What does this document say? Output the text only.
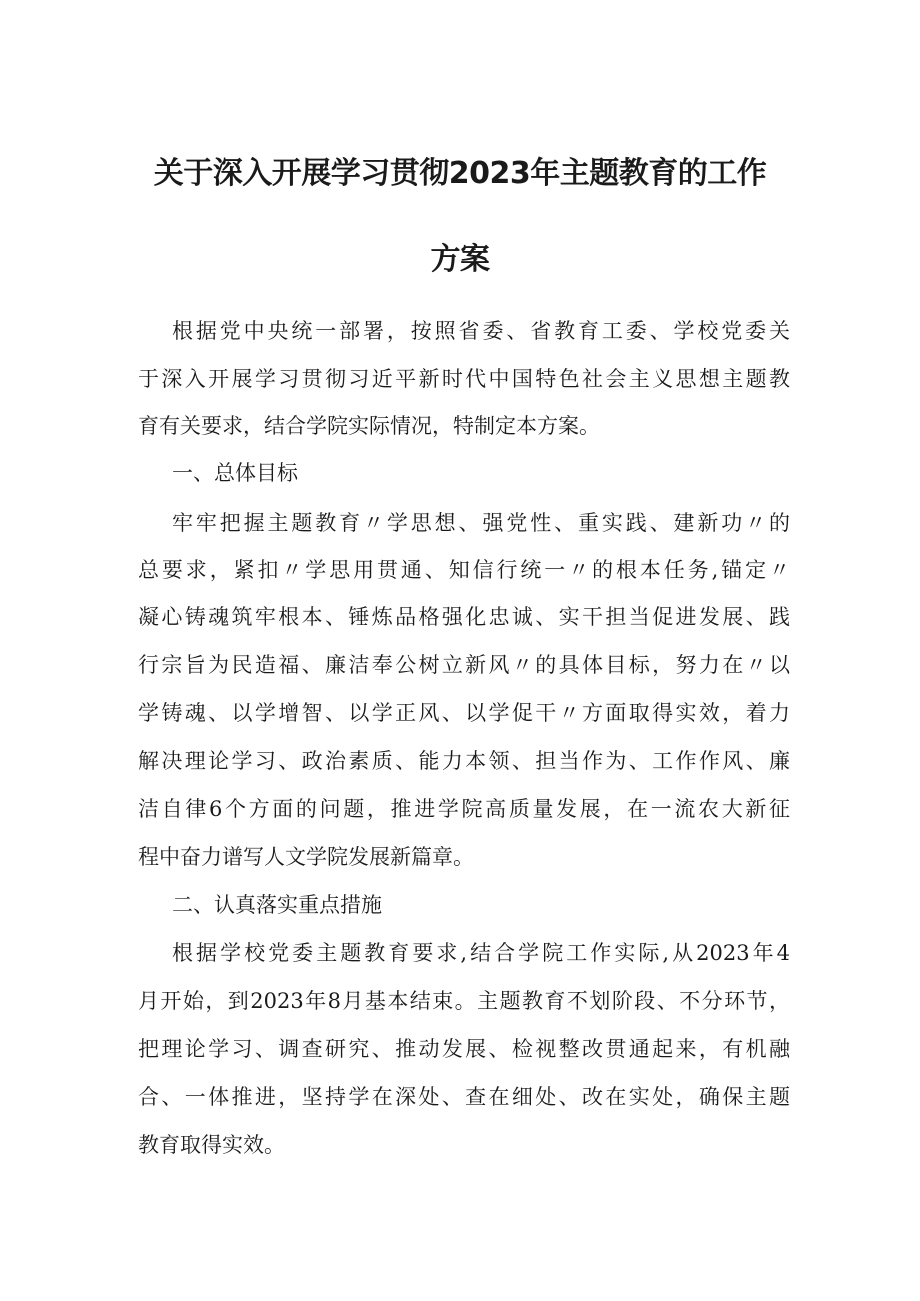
关于深入开展学习贯彻2023年主题教育的工作
方案

根据党中央统一部署，按照省委、省教育工委、学校党委关

于深入开展学习贯彻习近平新时代中国特色社会主义思想主题教

育有关要求，结合学院实际情况，特制定本方案。

一、总体目标

牢牢把握主题教育〃学思想、强党性、重实践、建新功〃的

总要求，紧扣〃学思用贯通、知信行统一〃的根本任务,锚定〃

凝心铸魂筑牢根本、锤炼品格强化忠诚、实干担当促进发展、践

行宗旨为民造福、廉洁奉公树立新风〃的具体目标，努力在〃以

学铸魂、以学增智、以学正风、以学促干〃方面取得实效，着力

解决理论学习、政治素质、能力本领、担当作为、工作作风、廉

洁自律6个方面的问题，推进学院高质量发展，在一流农大新征

程中奋力谱写人文学院发展新篇章。

二、认真落实重点措施

根据学校党委主题教育要求,结合学院工作实际,从2023年4

月开始，到2023年8月基本结束。主题教育不划阶段、不分环节，

把理论学习、调查研究、推动发展、检视整改贯通起来，有机融

合、一体推进，坚持学在深处、查在细处、改在实处，确保主题

教育取得实效。
